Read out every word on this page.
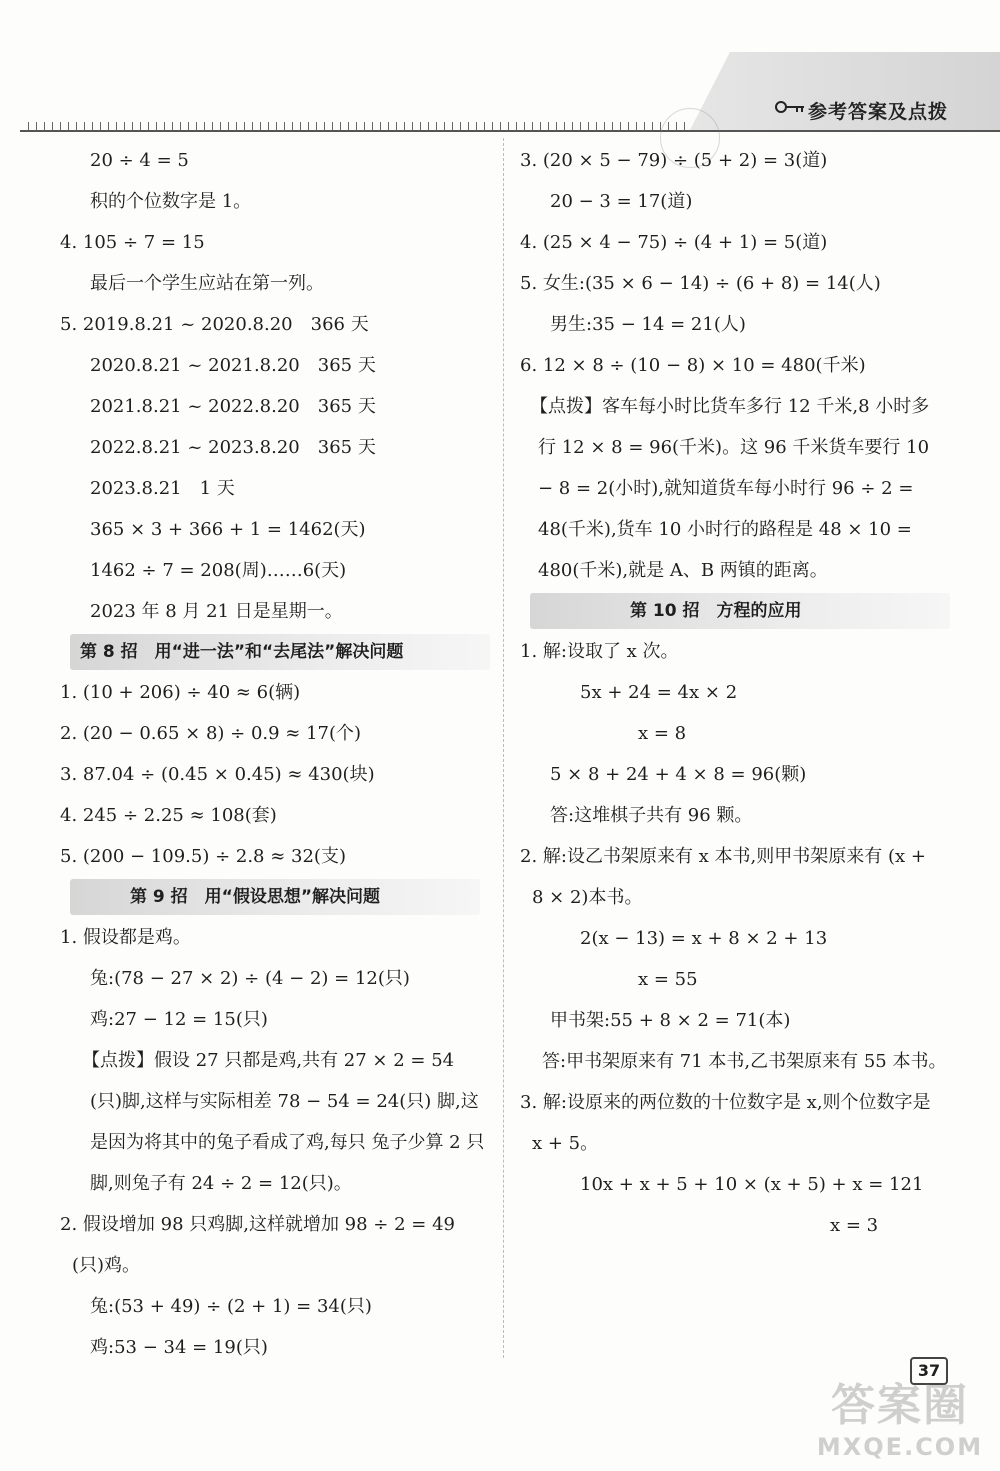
参考答案及点拨
20 ÷ 4 = 5
积的个位数字是 1。
4. 105 ÷ 7 = 15
最后一个学生应站在第一列。
5. 2019.8.21 ~ 2020.8.20　366 天
2020.8.21 ~ 2021.8.20　365 天
2021.8.21 ~ 2022.8.20　365 天
2022.8.21 ~ 2023.8.20　365 天
2023.8.21　1 天
365 × 3 + 366 + 1 = 1462(天)
1462 ÷ 7 = 208(周)……6(天)
2023 年 8 月 21 日是星期一。
第 8 招　用“进一法”和“去尾法”解决问题
1. (10 + 206) ÷ 40 ≈ 6(辆)
2. (20 − 0.65 × 8) ÷ 0.9 ≈ 17(个)
3. 87.04 ÷ (0.45 × 0.45) ≈ 430(块)
4. 245 ÷ 2.25 ≈ 108(套)
5. (200 − 109.5) ÷ 2.8 ≈ 32(支)
第 9 招　用“假设思想”解决问题
1. 假设都是鸡。
兔:(78 − 27 × 2) ÷ (4 − 2) = 12(只)
鸡:27 − 12 = 15(只)
【点拨】假设 27 只都是鸡,共有 27 × 2 = 54 (只)脚,这样与实际相差 78 − 54 = 24(只) 脚,这是因为将其中的兔子看成了鸡,每只 兔子少算 2 只脚,则兔子有 24 ÷ 2 = 12(只)。
2. 假设增加 98 只鸡脚,这样就增加 98 ÷ 2 = 49 (只)鸡。
兔:(53 + 49) ÷ (2 + 1) = 34(只)
鸡:53 − 34 = 19(只)
3. (20 × 5 − 79) ÷ (5 + 2) = 3(道)
20 − 3 = 17(道)
4. (25 × 4 − 75) ÷ (4 + 1) = 5(道)
5. 女生:(35 × 6 − 14) ÷ (6 + 8) = 14(人)
男生:35 − 14 = 21(人)
6. 12 × 8 ÷ (10 − 8) × 10 = 480(千米)
【点拨】客车每小时比货车多行 12 千米,8 小时多行 12 × 8 = 96(千米)。这 96 千米货车要行 10 − 8 = 2(小时),就知道货车每小时行 96 ÷ 2 = 48(千米),货车 10 小时行的路程是 48 × 10 = 480(千米),就是 A、B 两镇的距离。
第 10 招　方程的应用
1. 解:设取了 x 次。
5x + 24 = 4x × 2
x = 8
5 × 8 + 24 + 4 × 8 = 96(颗)
答:这堆棋子共有 96 颗。
2. 解:设乙书架原来有 x 本书,则甲书架原来有 (x + 8 × 2)本书。
2(x − 13) = x + 8 × 2 + 13
x = 55
甲书架:55 + 8 × 2 = 71(本)
答:甲书架原来有 71 本书,乙书架原来有 55 本书。
3. 解:设原来的两位数的十位数字是 x,则个位数字是 x + 5。
10x + x + 5 + 10 × (x + 5) + x = 121
x = 3
37
答案圈
MXQE.COM
